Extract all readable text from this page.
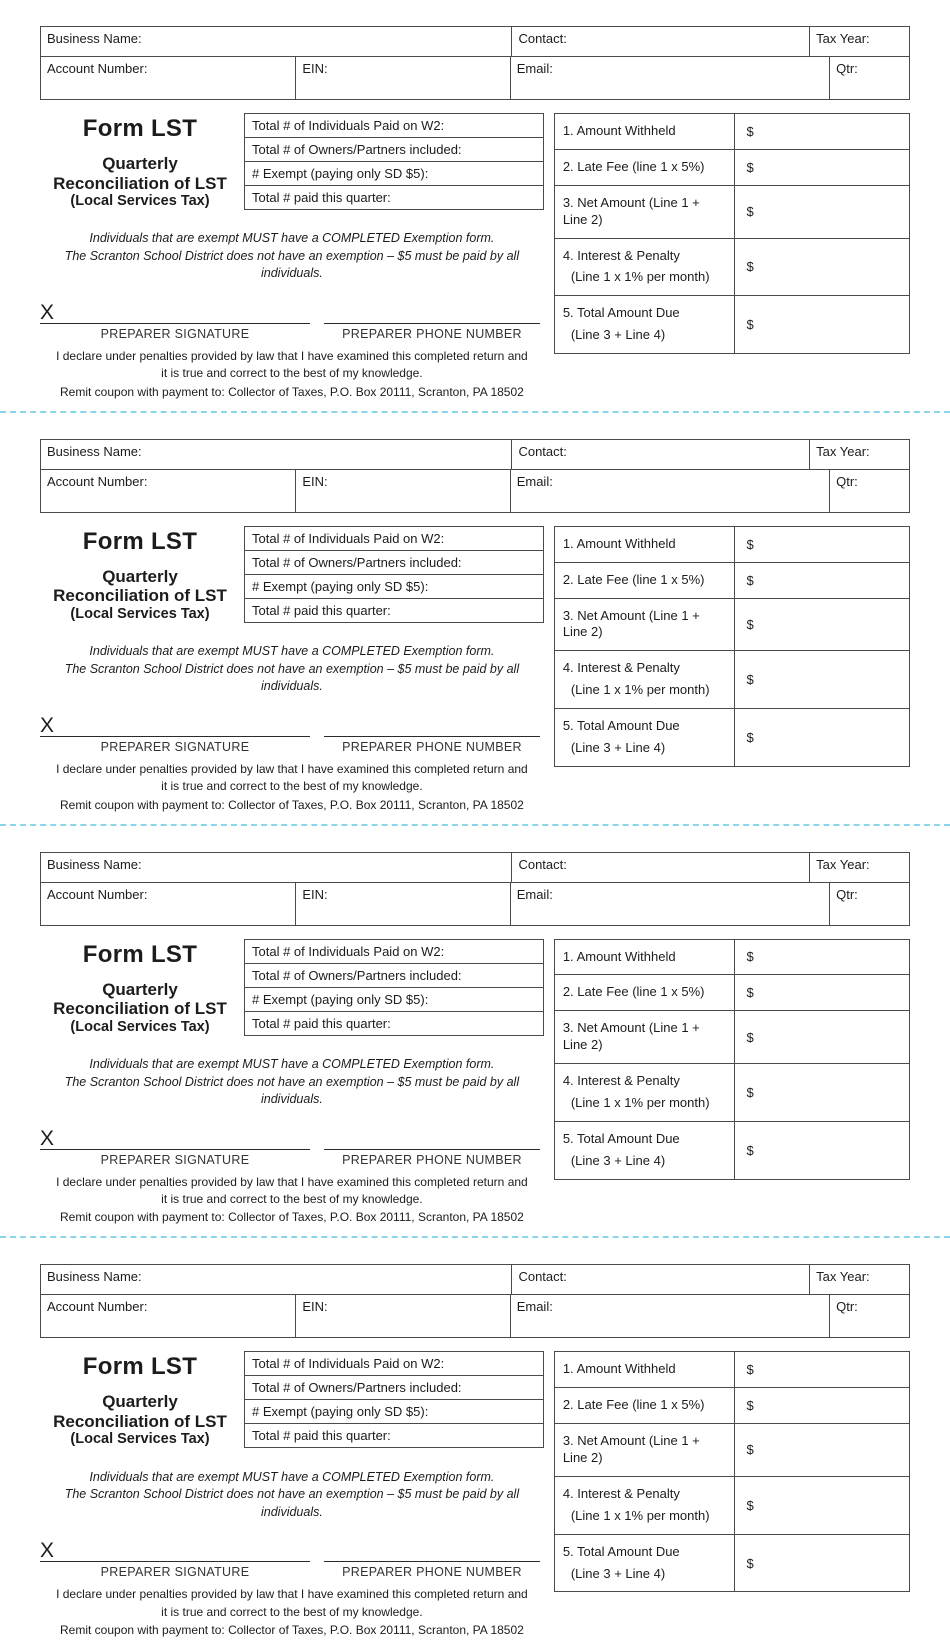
Business Name:	Contact:	Tax Year:
Account Number:	EIN:	Email:	Qtr:
Form LST
Quarterly
Reconciliation of LST
(Local Services Tax)
Total # of Individuals Paid on W2:
Total # of Owners/Partners included:
# Exempt (paying only SD $5):
Total # paid this quarter:
Individuals that are exempt MUST have a COMPLETED Exemption form.
The Scranton School District does not have an exemption – $5 must be paid by all individuals.
X
PREPARER SIGNATURE	PREPARER PHONE NUMBER
I declare under penalties provided by law that I have examined this completed return and
it is true and correct to the best of my knowledge.
Remit coupon with payment to: Collector of Taxes, P.O. Box 20111, Scranton, PA 18502
1. Amount Withheld	$
2. Late Fee (line 1 x 5%)	$
3. Net Amount (Line 1 + Line 2)	$
4. Interest & Penalty
(Line 1 x 1% per month)
$
5. Total Amount Due
(Line 3 + Line 4)
$
Business Name:	Contact:	Tax Year:
Account Number:	EIN:	Email:	Qtr:
Form LST
Quarterly
Reconciliation of LST
(Local Services Tax)
Total # of Individuals Paid on W2:
Total # of Owners/Partners included:
# Exempt (paying only SD $5):
Total # paid this quarter:
Individuals that are exempt MUST have a COMPLETED Exemption form.
The Scranton School District does not have an exemption – $5 must be paid by all individuals.
X
PREPARER SIGNATURE	PREPARER PHONE NUMBER
I declare under penalties provided by law that I have examined this completed return and
it is true and correct to the best of my knowledge.
Remit coupon with payment to: Collector of Taxes, P.O. Box 20111, Scranton, PA 18502
1. Amount Withheld	$
2. Late Fee (line 1 x 5%)	$
3. Net Amount (Line 1 + Line 2)	$
4. Interest & Penalty
(Line 1 x 1% per month)
$
5. Total Amount Due
(Line 3 + Line 4)
$
Business Name:	Contact:	Tax Year:
Account Number:	EIN:	Email:	Qtr:
Form LST
Quarterly
Reconciliation of LST
(Local Services Tax)
Total # of Individuals Paid on W2:
Total # of Owners/Partners included:
# Exempt (paying only SD $5):
Total # paid this quarter:
Individuals that are exempt MUST have a COMPLETED Exemption form.
The Scranton School District does not have an exemption – $5 must be paid by all individuals.
X
PREPARER SIGNATURE	PREPARER PHONE NUMBER
I declare under penalties provided by law that I have examined this completed return and
it is true and correct to the best of my knowledge.
Remit coupon with payment to: Collector of Taxes, P.O. Box 20111, Scranton, PA 18502
1. Amount Withheld	$
2. Late Fee (line 1 x 5%)	$
3. Net Amount (Line 1 + Line 2)	$
4. Interest & Penalty
(Line 1 x 1% per month)
$
5. Total Amount Due
(Line 3 + Line 4)
$
Business Name:	Contact:	Tax Year:
Account Number:	EIN:	Email:	Qtr:
Form LST
Quarterly
Reconciliation of LST
(Local Services Tax)
Total # of Individuals Paid on W2:
Total # of Owners/Partners included:
# Exempt (paying only SD $5):
Total # paid this quarter:
Individuals that are exempt MUST have a COMPLETED Exemption form.
The Scranton School District does not have an exemption – $5 must be paid by all individuals.
X
PREPARER SIGNATURE	PREPARER PHONE NUMBER
I declare under penalties provided by law that I have examined this completed return and
it is true and correct to the best of my knowledge.
Remit coupon with payment to: Collector of Taxes, P.O. Box 20111, Scranton, PA 18502
1. Amount Withheld	$
2. Late Fee (line 1 x 5%)	$
3. Net Amount (Line 1 + Line 2)	$
4. Interest & Penalty
(Line 1 x 1% per month)
$
5. Total Amount Due
(Line 3 + Line 4)
$
